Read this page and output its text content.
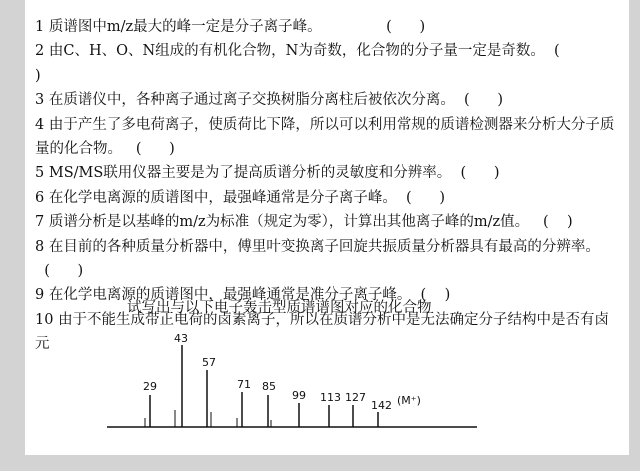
1 质谱图中m/z最大的峰一定是分子离子峰。              (      )

2 由C、H、O、N组成的有机化合物，N为奇数，化合物的分子量一定是奇数。  (
)

3 在质谱仪中，各种离子通过离子交换树脂分离柱后被依次分离。  (      )

4 由于产生了多电荷离子，使质荷比下降，所以可以利用常规的质谱检测器来分析大分子质量的化合物。   (      )

5 MS/MS联用仪器主要是为了提高质谱分析的灵敏度和分辨率。  (      )

6 在化学电离源的质谱图中，最强峰通常是分子离子峰。  (      )

7 质谱分析是以基峰的m/z为标准（规定为零），计算出其他离子峰的m/z值。   (    )

8 在目前的各种质量分析器中，傅里叶变换离子回旋共振质量分析器具有最高的分辨率。  (      )

9 在化学电离源的质谱图中，最强峰通常是准分子离子峰。  (    )

10 由于不能生成带正电荷的卤素离子，所以在质谱分析中是无法确定分子结构中是否有卤元

试写出与以下电子轰击型质谱谱图对应的化合物
29
43
57
71 85
99 113 127
142 (M⁺)
